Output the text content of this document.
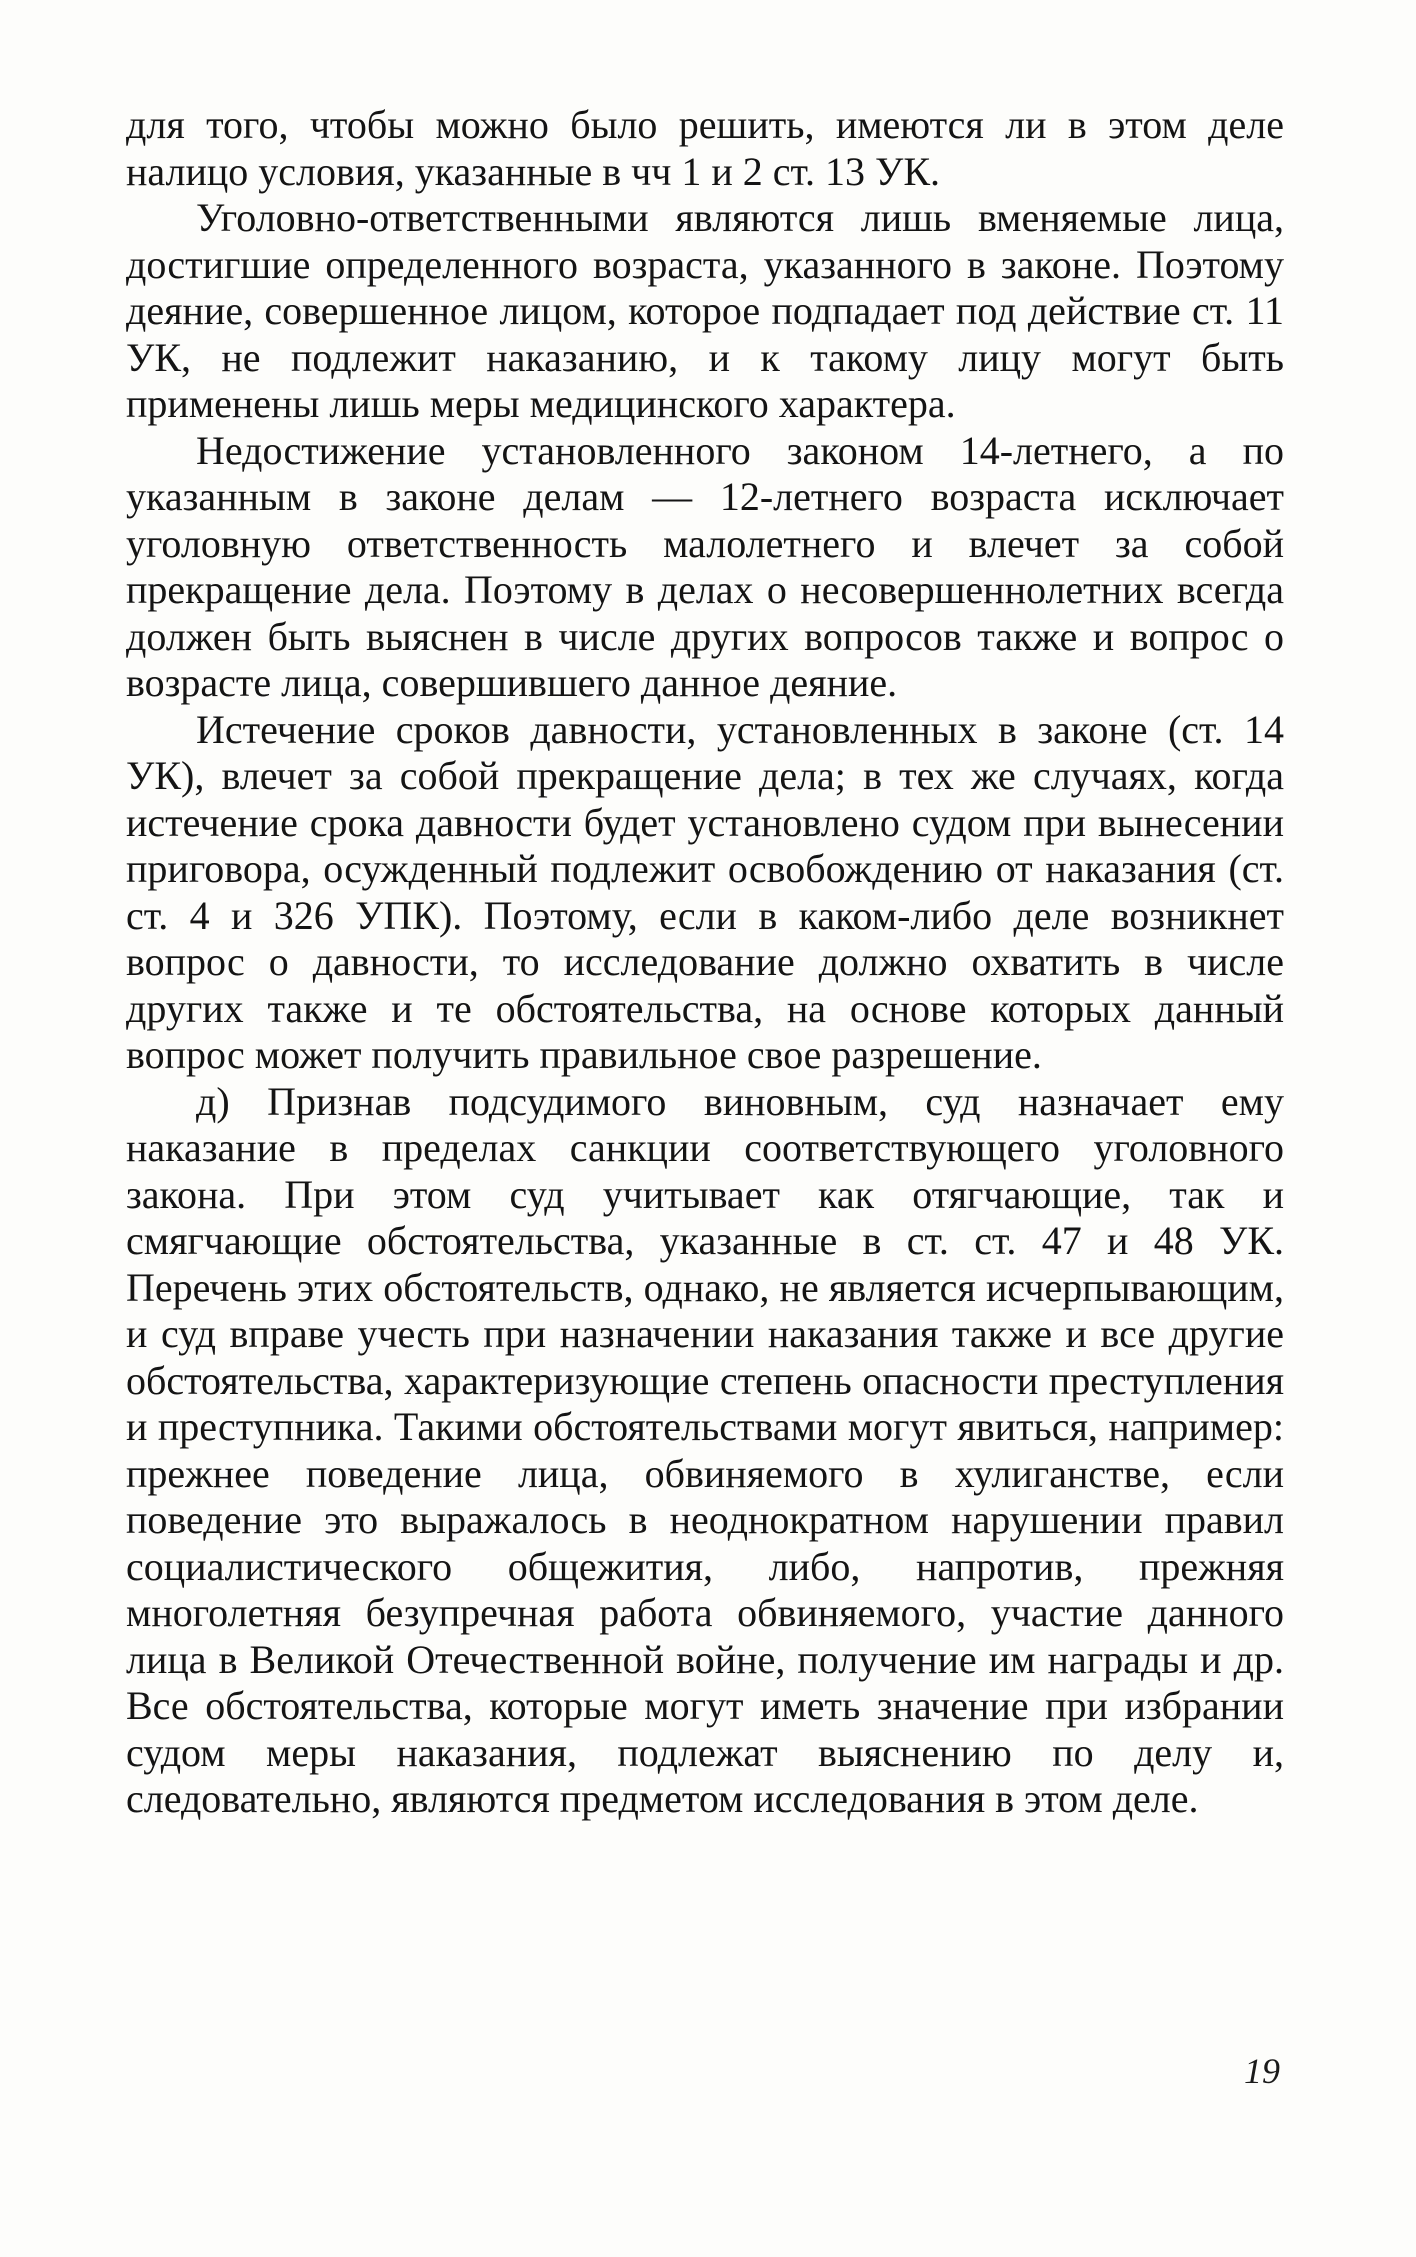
для того, чтобы можно было решить, имеются ли в этом деле налицо условия, указанные в чч 1 и 2 ст. 13 УК.

Уголовно-ответственными являются лишь вменяемые лица, достигшие определенного возраста, указанного в законе. Поэтому деяние, совершенное лицом, которое подпадает под действие ст. 11 УК, не подлежит наказанию, и к такому лицу могут быть применены лишь меры медицинского характера.

Недостижение установленного законом 14-летнего, а по указанным в законе делам — 12-летнего возраста исключает уголовную ответственность малолетнего и влечет за собой прекращение дела. Поэтому в делах о несовершеннолетних всегда должен быть выяснен в числе других вопросов также и вопрос о возрасте лица, совершившего данное деяние.

Истечение сроков давности, установленных в законе (ст. 14 УК), влечет за собой прекращение дела; в тех же случаях, когда истечение срока давности будет установлено судом при вынесении приговора, осужденный подлежит освобождению от наказания (ст. ст. 4 и 326 УПК). Поэтому, если в каком-либо деле возникнет вопрос о давности, то исследование должно охватить в числе других также и те обстоятельства, на основе которых данный вопрос может получить правильное свое разрешение.

д) Признав подсудимого виновным, суд назначает ему наказание в пределах санкции соответствующего уголовного закона. При этом суд учитывает как отягчающие, так и смягчающие обстоятельства, указанные в ст. ст. 47 и 48 УК. Перечень этих обстоятельств, однако, не является исчерпывающим, и суд вправе учесть при назначении наказания также и все другие обстоятельства, характеризующие степень опасности преступления и преступника. Такими обстоятельствами могут явиться, например: прежнее поведение лица, обвиняемого в хулиганстве, если поведение это выражалось в неоднократном нарушении правил социалистического общежития, либо, напротив, прежняя многолетняя безупречная работа обвиняемого, участие данного лица в Великой Отечественной войне, получение им награды и др. Все обстоятельства, которые могут иметь значение при избрании судом меры наказания, подлежат выяснению по делу и, следовательно, являются предметом исследования в этом деле.

19
